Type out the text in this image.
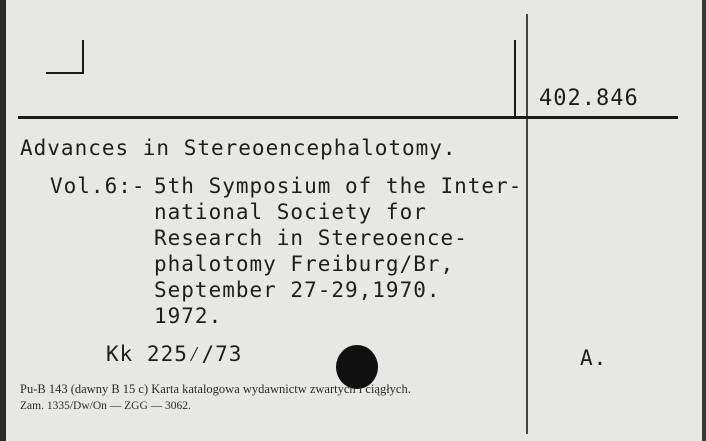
402.846
Advances in Stereoencephalotomy.
Vol.6:- 5th Symposium of the Inter-
national Society for
Research in Stereoence-
phalotomy Freiburg/Br,
September 27-29,1970.
1972.
Kk 225⁄/73	A.
Pu-B 143 (dawny B 15 c) Karta katalogowa wydawnictw zwartych i ciągłych.
Zam. 1335/Dw/On — ZGG — 3062.
